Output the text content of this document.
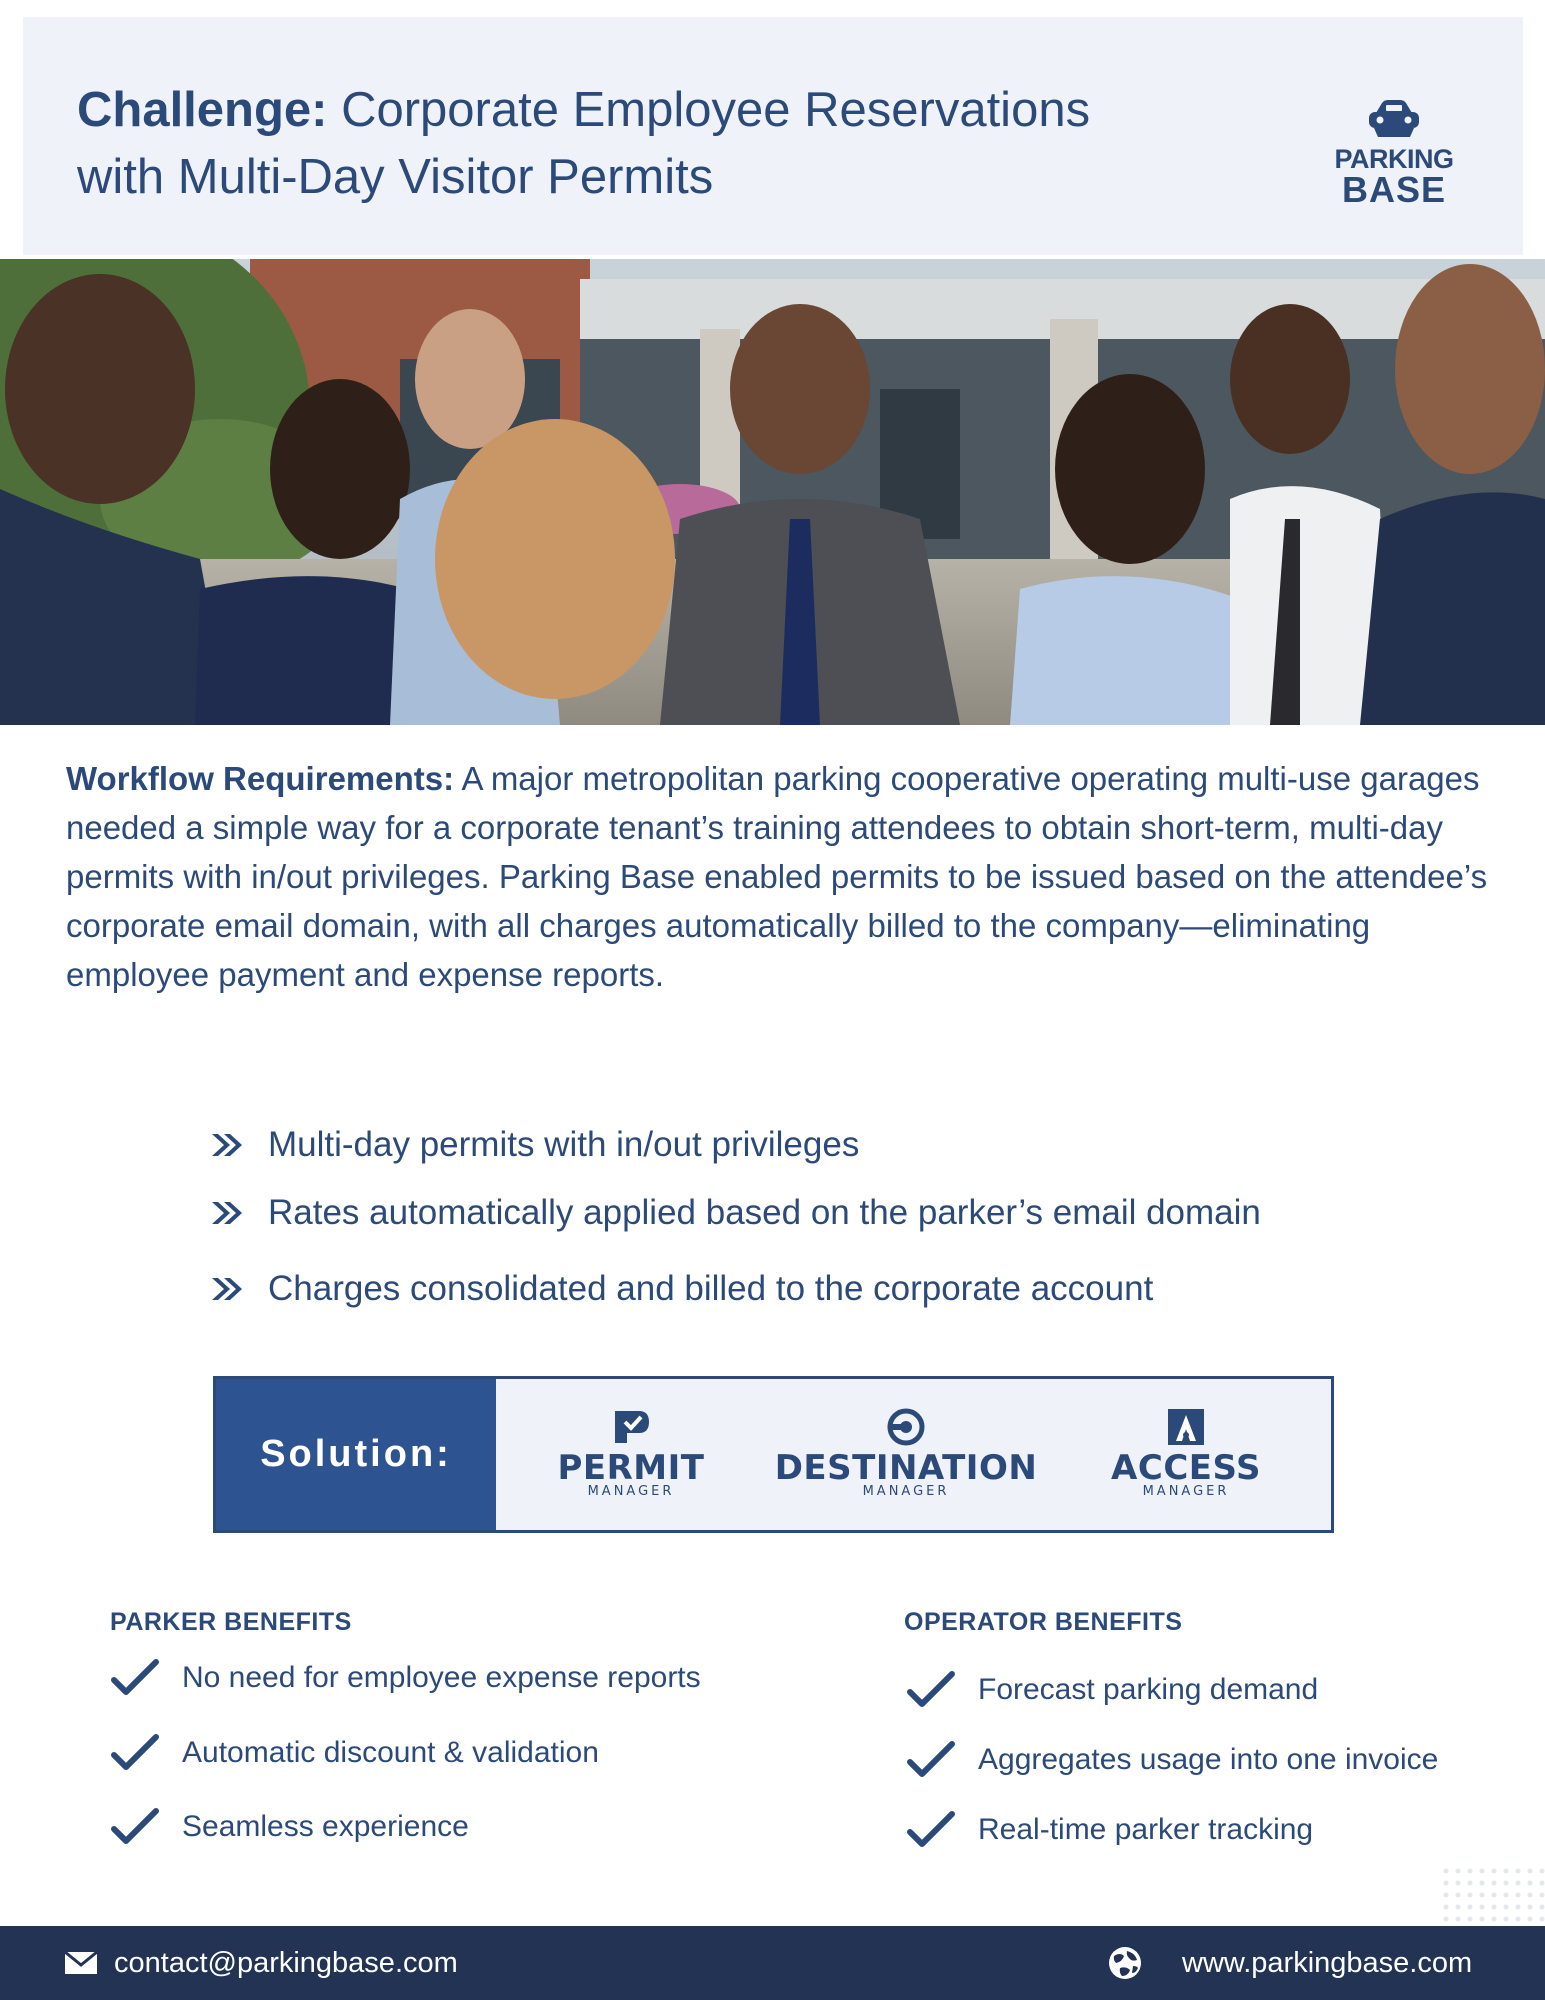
Challenge: Corporate Employee Reservations with Multi-Day Visitor Permits	PARKING
BASE

Workflow Requirements: A major metropolitan parking cooperative operating multi-use garages needed a simple way for a corporate tenant’s training attendees to obtain short-term, multi-day permits with in/out privileges. Parking Base enabled permits to be issued based on the attendee’s corporate email domain, with all charges automatically billed to the company—eliminating employee payment and expense reports.

Multi-day permits with in/out privileges
Rates automatically applied based on the parker’s email domain
Charges consolidated and billed to the corporate account
Solution:	PERMIT
MANAGER
DESTINATION
MANAGER
ACCESS
MANAGER
PARKER BENEFITS
No need for employee expense reports
Automatic discount & validation
Seamless experience
OPERATOR BENEFITS
Forecast parking demand
Aggregates usage into one invoice
Real-time parker tracking
contact@parkingbase.com	www.parkingbase.com
